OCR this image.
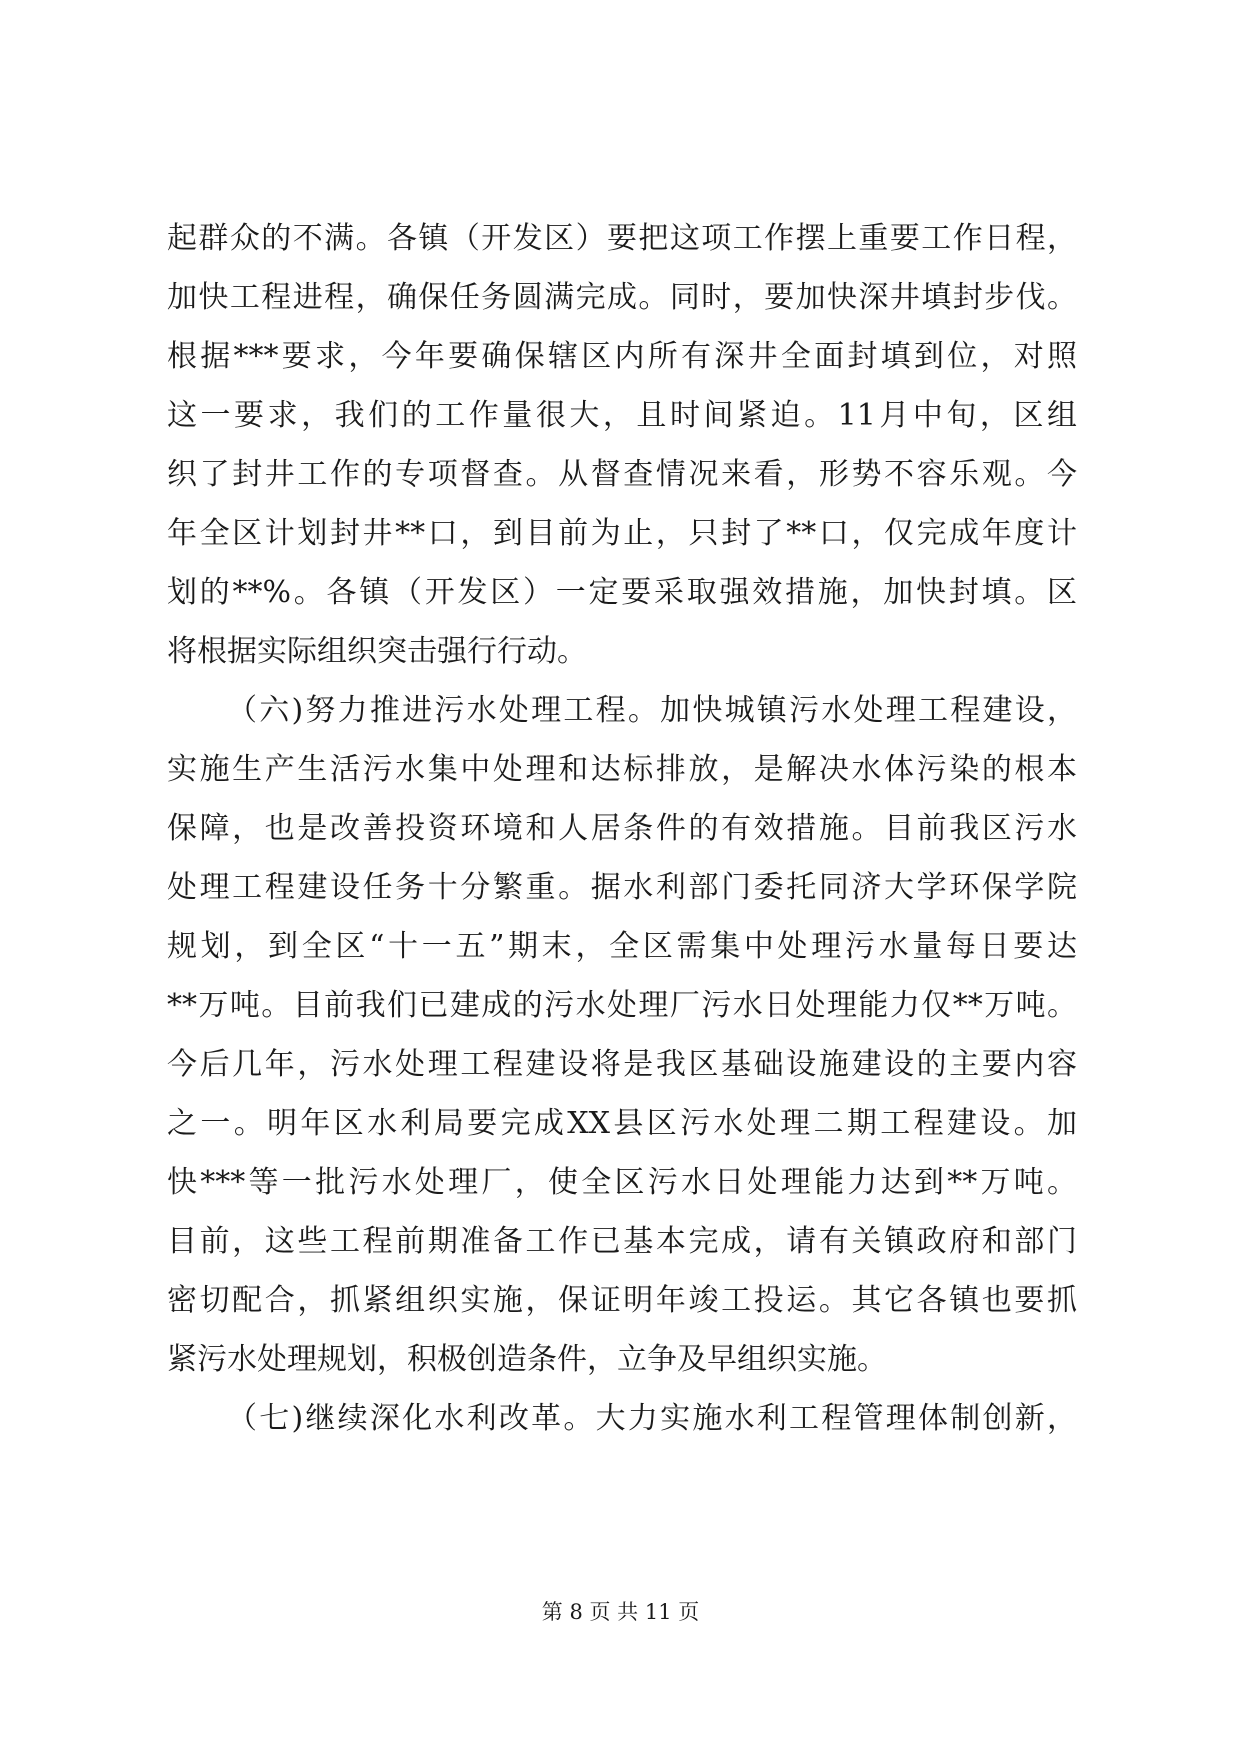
起群众的不满。各镇（开发区）要把这项工作摆上重要工作日程，
加快工程进程，确保任务圆满完成。同时，要加快深井填封步伐。
根据***要求，今年要确保辖区内所有深井全面封填到位，对照
这一要求，我们的工作量很大，且时间紧迫。11月中旬，区组
织了封井工作的专项督查。从督查情况来看，形势不容乐观。今
年全区计划封井**口，到目前为止，只封了**口，仅完成年度计
划的**%。各镇（开发区）一定要采取强效措施，加快封填。区
将根据实际组织突击强行行动。
（六)努力推进污水处理工程。加快城镇污水处理工程建设，
实施生产生活污水集中处理和达标排放，是解决水体污染的根本
保障，也是改善投资环境和人居条件的有效措施。目前我区污水
处理工程建设任务十分繁重。据水利部门委托同济大学环保学院
规划，到全区“十一五”期末，全区需集中处理污水量每日要达
**万吨。目前我们已建成的污水处理厂污水日处理能力仅**万吨。
今后几年，污水处理工程建设将是我区基础设施建设的主要内容
之一。明年区水利局要完成XX县区污水处理二期工程建设。加
快***等一批污水处理厂，使全区污水日处理能力达到**万吨。
目前，这些工程前期准备工作已基本完成，请有关镇政府和部门
密切配合，抓紧组织实施，保证明年竣工投运。其它各镇也要抓
紧污水处理规划，积极创造条件，立争及早组织实施。
（七)继续深化水利改革。大力实施水利工程管理体制创新，
第 8 页 共 11 页
